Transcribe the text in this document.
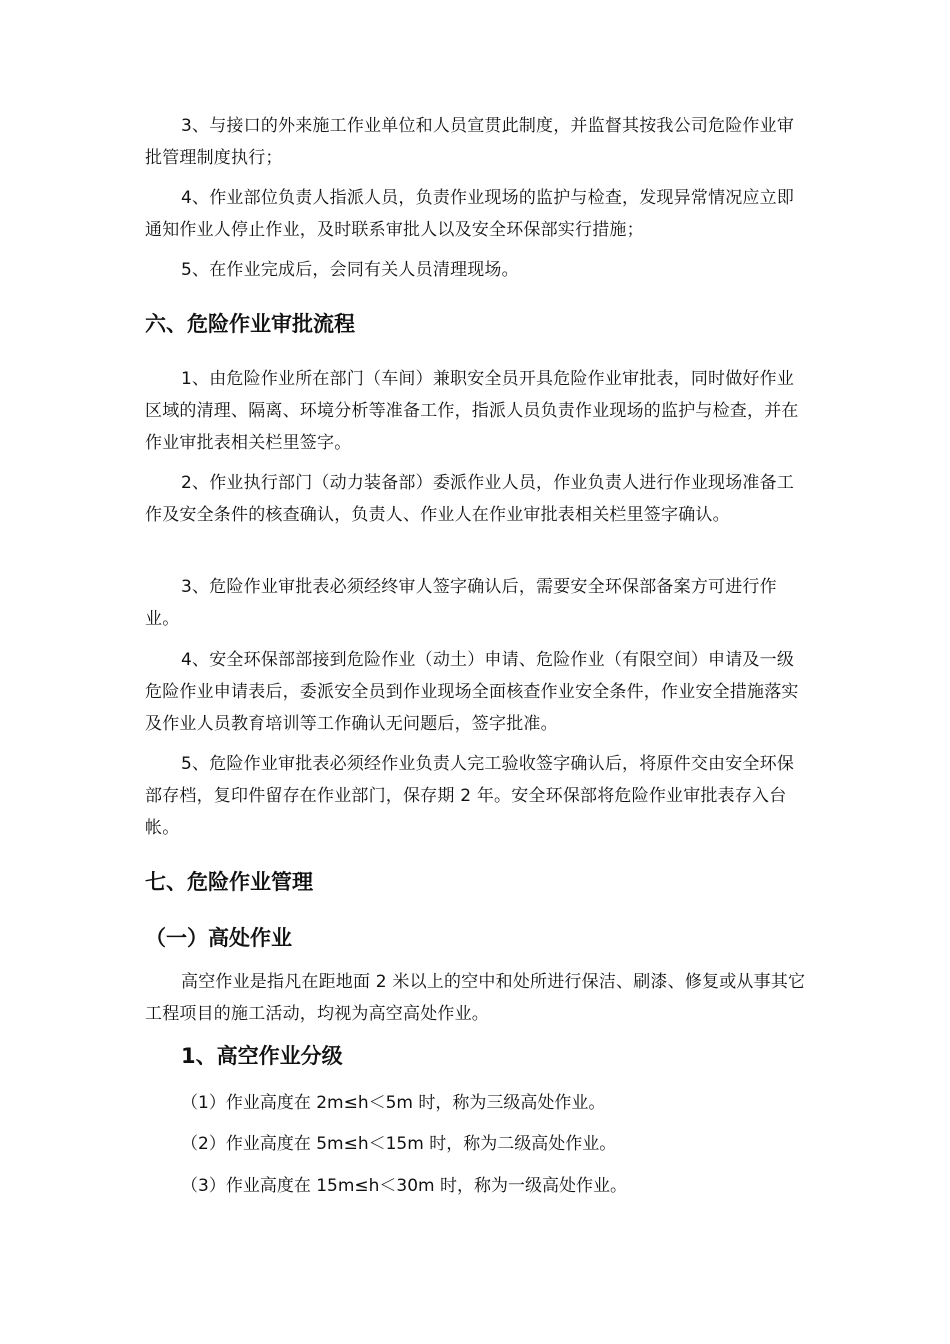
3、与接口的外来施工作业单位和人员宣贯此制度，并监督其按我公司危险作业审批管理制度执行；

4、作业部位负责人指派人员，负责作业现场的监护与检查，发现异常情况应立即通知作业人停止作业，及时联系审批人以及安全环保部实行措施；

5、在作业完成后，会同有关人员清理现场。

六、危险作业审批流程

1、由危险作业所在部门（车间）兼职安全员开具危险作业审批表，同时做好作业区域的清理、隔离、环境分析等准备工作，指派人员负责作业现场的监护与检查，并在作业审批表相关栏里签字。

2、作业执行部门（动力装备部）委派作业人员，作业负责人进行作业现场准备工作及安全条件的核查确认，负责人、作业人在作业审批表相关栏里签字确认。

3、危险作业审批表必须经终审人签字确认后，需要安全环保部备案方可进行作业。

4、安全环保部部接到危险作业（动土）申请、危险作业（有限空间）申请及一级危险作业申请表后，委派安全员到作业现场全面核查作业安全条件，作业安全措施落实及作业人员教育培训等工作确认无问题后，签字批准。

5、危险作业审批表必须经作业负责人完工验收签字确认后，将原件交由安全环保部存档，复印件留存在作业部门，保存期 2 年。安全环保部将危险作业审批表存入台帐。

七、危险作业管理
（一）高处作业

高空作业是指凡在距地面 2 米以上的空中和处所进行保洁、刷漆、修复或从事其它工程项目的施工活动，均视为高空高处作业。

1、高空作业分级

（1）作业高度在 2m≤h＜5m 时，称为三级高处作业。

（2）作业高度在 5m≤h＜15m 时，称为二级高处作业。

（3）作业高度在 15m≤h＜30m 时，称为一级高处作业。
